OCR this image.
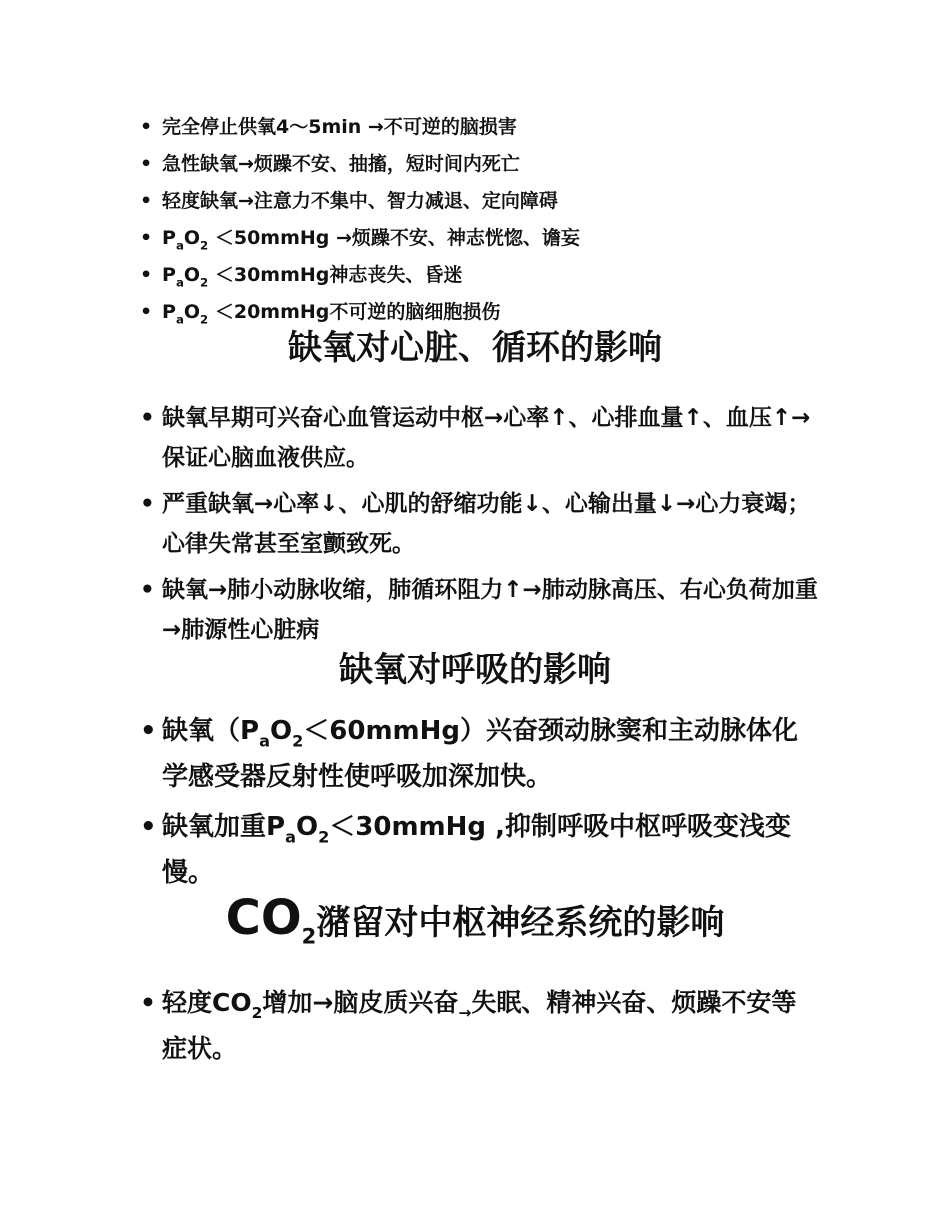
• 完全停止供氧4～5min →不可逆的脑损害
• 急性缺氧→烦躁不安、抽搐，短时间内死亡
• 轻度缺氧→注意力不集中、智力减退、定向障碍
• $P_aO_2$ ＜50mmHg →烦躁不安、神志恍惚、谵妄
• $P_aO_2$ ＜30mmHg神志丧失、昏迷
• $P_aO_2$ ＜20mmHg不可逆的脑细胞损伤
缺氧对心脏、循环的影响
• 缺氧早期可兴奋心血管运动中枢→心率↑、心排血量↑、血压↑→保证心脑血液供应。
• 严重缺氧→心率↓、心肌的舒缩功能↓、心输出量↓→心力衰竭；心律失常甚至室颤致死。
• 缺氧→肺小动脉收缩，肺循环阻力↑→肺动脉高压、右心负荷加重→肺源性心脏病
缺氧对呼吸的影响
• 缺氧$(P_aO_2<60mmHg)$兴奋颈动脉窦和主动脉体化学感受器反射性使呼吸加深加快。
• 缺氧加重$P_aO_2<30mmHg$ ,抑制呼吸中枢呼吸变浅变慢。
$CO_2$潴留对中枢神经系统的影响
• 轻度$CO_2$增加→脑皮质兴奋$_\to$失眠、精神兴奋、烦躁不安等症状。
